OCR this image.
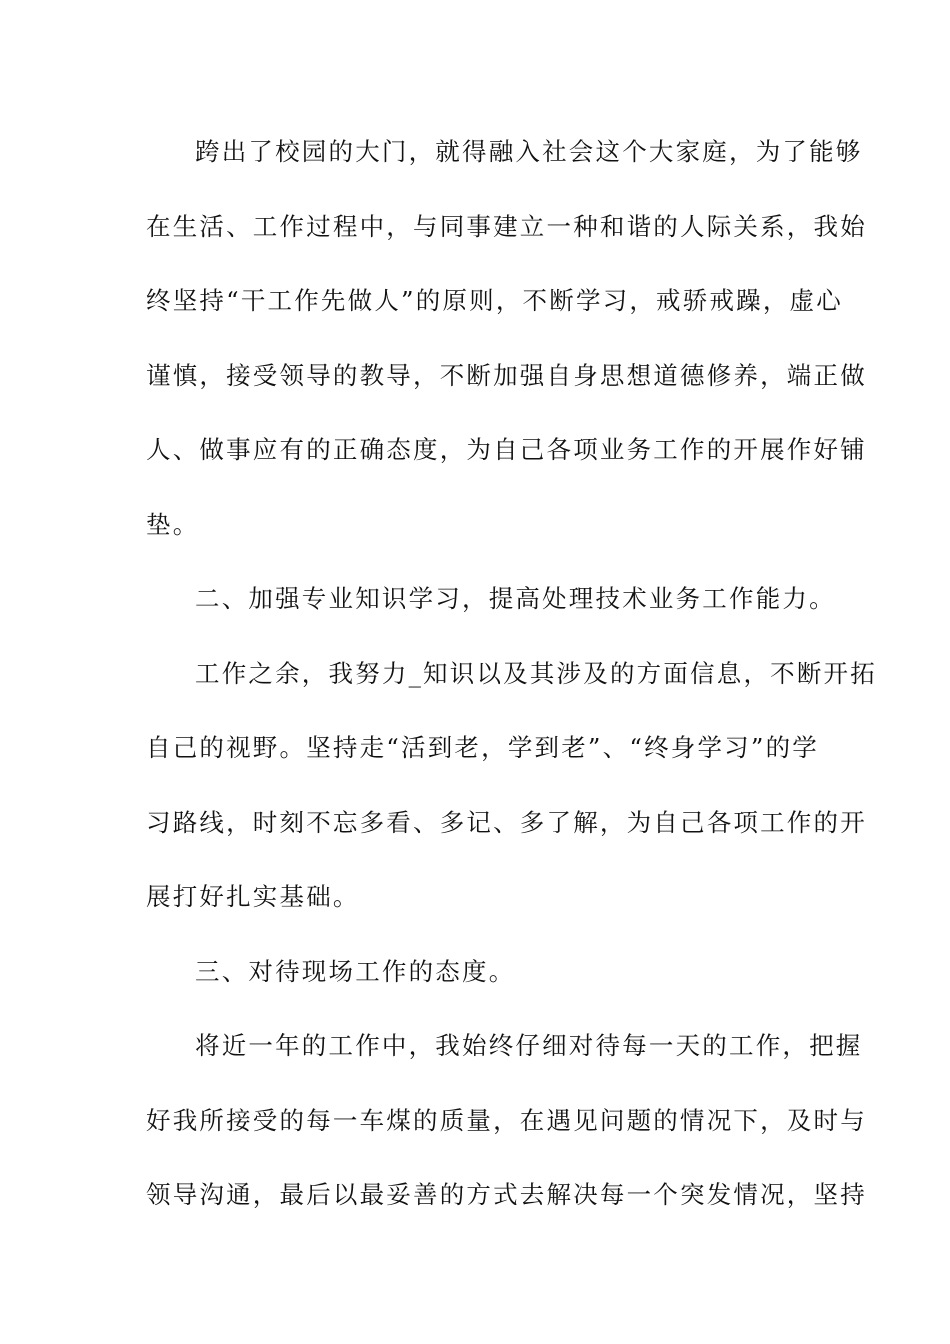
跨出了校园的大门，就得融入社会这个大家庭，为了能够
在生活、工作过程中，与同事建立一种和谐的人际关系，我始
终坚持“干工作先做人”的原则，不断学习，戒骄戒躁，虚心
谨慎，接受领导的教导，不断加强自身思想道德修养，端正做
人、做事应有的正确态度，为自己各项业务工作的开展作好铺
垫。
二、加强专业知识学习，提高处理技术业务工作能力。
工作之余，我努力_知识以及其涉及的方面信息，不断开拓
自己的视野。坚持走“活到老，学到老”、“终身学习”的学
习路线，时刻不忘多看、多记、多了解，为自己各项工作的开
展打好扎实基础。
三、对待现场工作的态度。
将近一年的工作中，我始终仔细对待每一天的工作，把握
好我所接受的每一车煤的质量，在遇见问题的情况下，及时与
领导沟通，最后以最妥善的方式去解决每一个突发情况，坚持
